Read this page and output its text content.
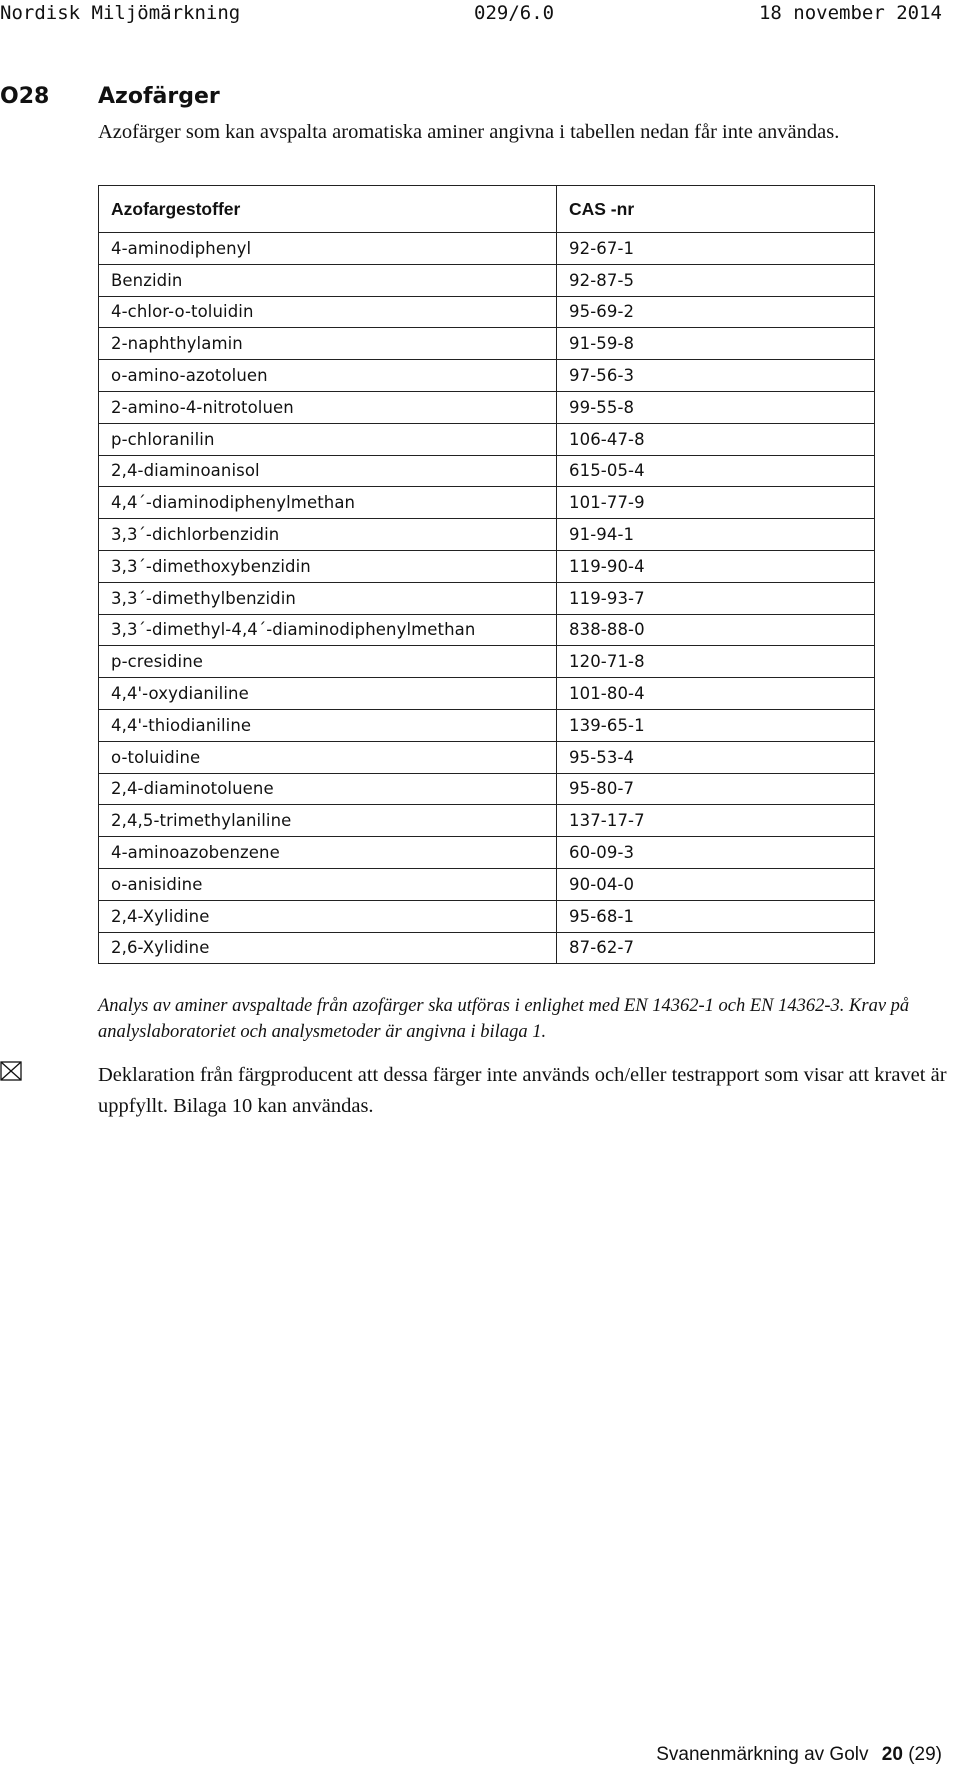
Nordisk Miljömärkning	029/6.0	18 november 2014
O28 Azofärger
Azofärger som kan avspalta aromatiska aminer angivna i tabellen nedan får inte användas.
Azofargestoffer	CAS -nr
4-aminodiphenyl	92-67-1
Benzidin	92-87-5
4-chlor-o-toluidin	95-69-2
2-naphthylamin	91-59-8
o-amino-azotoluen	97-56-3
2-amino-4-nitrotoluen	99-55-8
p-chloranilin	106-47-8
2,4-diaminoanisol	615-05-4
4,4´-diaminodiphenylmethan	101-77-9
3,3´-dichlorbenzidin	91-94-1
3,3´-dimethoxybenzidin	119-90-4
3,3´-dimethylbenzidin	119-93-7
3,3´-dimethyl-4,4´-diaminodiphenylmethan	838-88-0
p-cresidine	120-71-8
4,4'-oxydianiline	101-80-4
4,4'-thiodianiline	139-65-1
o-toluidine	95-53-4
2,4-diaminotoluene	95-80-7
2,4,5-trimethylaniline	137-17-7
4-aminoazobenzene	60-09-3
o-anisidine	90-04-0
2,4-Xylidine	95-68-1
2,6-Xylidine	87-62-7
Analys av aminer avspaltade från azofärger ska utföras i enlighet med EN 14362-1 och EN 14362-3. Krav på analyslaboratoriet och analysmetoder är angivna i bilaga 1.
Deklaration från färgproducent att dessa färger inte används och/eller testrapport som visar att kravet är uppfyllt. Bilaga 10 kan användas.
Svanenmärkning av Golv 20 (29)
